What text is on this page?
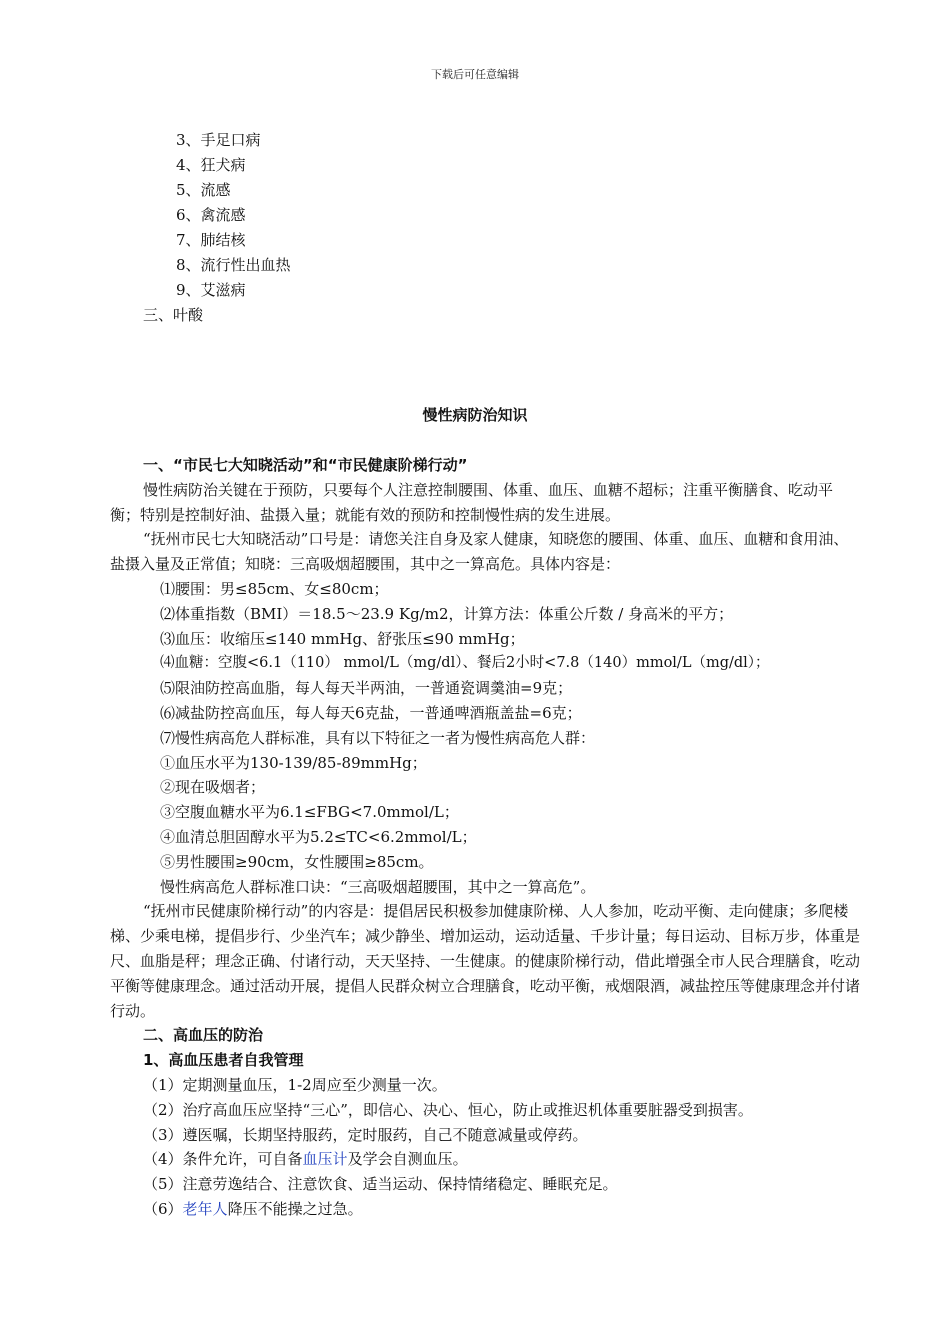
下载后可任意编辑
3、手足口病
4、狂犬病
5、流感
6、禽流感
7、肺结核
8、流行性出血热
9、艾滋病
三、叶酸
慢性病防治知识

一、“市民七大知晓活动”和“市民健康阶梯行动”

慢性病防治关键在于预防，只要每个人注意控制腰围、体重、血压、血糖不超标；注重平衡膳食、吃动平衡；特别是控制好油、盐摄入量；就能有效的预防和控制慢性病的发生进展。

“抚州市民七大知晓活动”口号是：请您关注自身及家人健康，知晓您的腰围、体重、血压、血糖和食用油、盐摄入量及正常值；知晓：三高吸烟超腰围，其中之一算高危。具体内容是：

⑴腰围：男≤85cm、女≤80cm；

⑵体重指数（BMI）＝18.5～23.9 Kg/m2，计算方法：体重公斤数 / 身高米的平方；

⑶血压：收缩压≤140 mmHg、舒张压≤90 mmHg；

⑷血糖：空腹<6.1（110） mmol/L（mg/dl）、餐后2小时<7.8（140）mmol/L（mg/dl）；

⑸限油防控高血脂，每人每天半两油，一普通瓷调羹油=9克；

⑹减盐防控高血压，每人每天6克盐，一普通啤酒瓶盖盐=6克；

⑺慢性病高危人群标准，具有以下特征之一者为慢性病高危人群：

①血压水平为130-139/85-89mmHg；

②现在吸烟者；

③空腹血糖水平为6.1≤FBG<7.0mmol/L；

④血清总胆固醇水平为5.2≤TC<6.2mmol/L；

⑤男性腰围≥90cm，女性腰围≥85cm。

慢性病高危人群标准口诀：“三高吸烟超腰围，其中之一算高危”。

“抚州市民健康阶梯行动”的内容是：提倡居民积极参加健康阶梯、人人参加，吃动平衡、走向健康；多爬楼梯、少乘电梯，提倡步行、少坐汽车；减少静坐、增加运动，运动适量、千步计量；每日运动、目标万步，体重是尺、血脂是秤；理念正确、付诸行动，天天坚持、一生健康。的健康阶梯行动，借此增强全市人民合理膳食，吃动平衡等健康理念。通过活动开展，提倡人民群众树立合理膳食，吃动平衡，戒烟限酒，减盐控压等健康理念并付诸行动。

二、高血压的防治

1、高血压患者自我管理

（1）定期测量血压，1-2周应至少测量一次。

（2）治疗高血压应坚持“三心”，即信心、决心、恒心，防止或推迟机体重要脏器受到损害。

（3）遵医嘱，长期坚持服药，定时服药，自己不随意减量或停药。

（4）条件允许，可自备血压计及学会自测血压。

（5）注意劳逸结合、注意饮食、适当运动、保持情绪稳定、睡眠充足。

（6）老年人降压不能操之过急。
